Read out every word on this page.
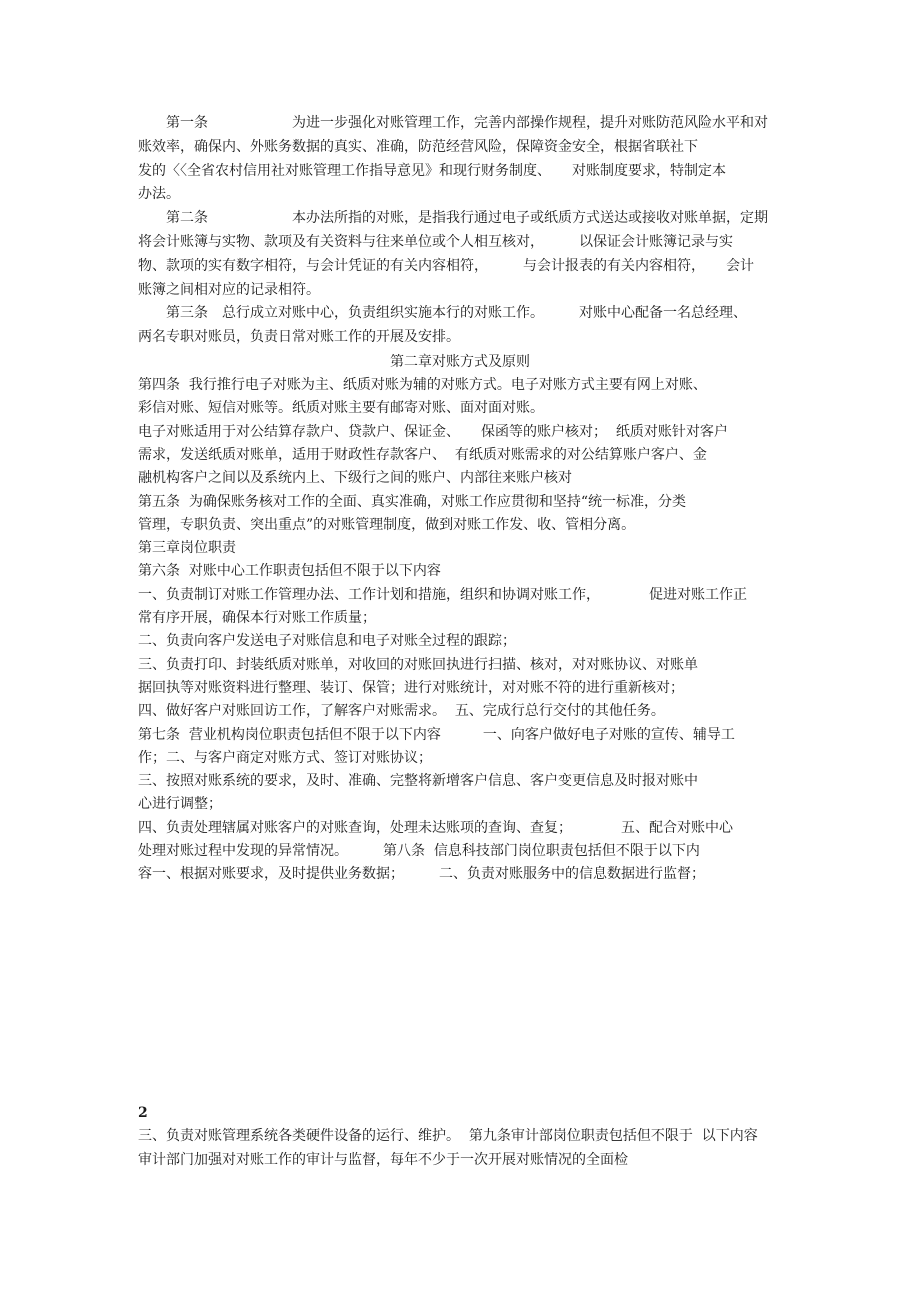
　　第一条　　　　　　为进一步强化对账管理工作，完善内部操作规程，提升对账防范风险水平和对
账效率，确保内、外账务数据的真实、准确，防范经营风险，保障资金安全，根据省联社下
发的〈〈全省农村信用社对账管理工作指导意见》和现行财务制度、　　对账制度要求，特制定本
办法。
　　第二条　　　　　　本办法所指的对账，是指我行通过电子或纸质方式送达或接收对账单据，定期
将会计账簿与实物、款项及有关资料与往来单位或个人相互核对，　　　以保证会计账簿记录与实
物、款项的实有数字相符，与会计凭证的有关内容相符，　　　与会计报表的有关内容相符，　　会计
账簿之间相对应的记录相符。
　　第三条　总行成立对账中心，负责组织实施本行的对账工作。　　　对账中心配备一名总经理、
两名专职对账员，负责日常对账工作的开展及安排。
第二章对账方式及原则
第四条  我行推行电子对账为主、纸质对账为辅的对账方式。电子对账方式主要有网上对账、
彩信对账、短信对账等。纸质对账主要有邮寄对账、面对面对账。
电子对账适用于对公结算存款户、贷款户、保证金、　　保函等的账户核对；  纸质对账针对客户
需求，发送纸质对账单，适用于财政性存款客户、  有纸质对账需求的对公结算账户客户、金
融机构客户之间以及系统内上、下级行之间的账户、内部往来账户核对
第五条  为确保账务核对工作的全面、真实准确，对账工作应贯彻和坚持“统一标准，分类
管理，专职负责、突出重点”的对账管理制度，做到对账工作发、收、管相分离。
第三章岗位职责
第六条  对账中心工作职责包括但不限于以下内容
一、负责制订对账工作管理办法、工作计划和措施，组织和协调对账工作，　　　　促进对账工作正
常有序开展，确保本行对账工作质量；
二、负责向客户发送电子对账信息和电子对账全过程的跟踪；
三、负责打印、封装纸质对账单，对收回的对账回执进行扫描、核对，对对账协议、对账单
据回执等对账资料进行整理、装订、保管；进行对账统计，对对账不符的进行重新核对；
四、做好客户对账回访工作，了解客户对账需求。  五、完成行总行交付的其他任务。
第七条  营业机构岗位职责包括但不限于以下内容　　　一、向客户做好电子对账的宣传、辅导工
作；二、与客户商定对账方式、签订对账协议；
三、按照对账系统的要求，及时、准确、完整将新增客户信息、客户变更信息及时报对账中
心进行调整；
四、负责处理辖属对账客户的对账查询，处理未达账项的查询、查复；　　　　五、配合对账中心
处理对账过程中发现的异常情况。　　　第八条  信息科技部门岗位职责包括但不限于以下内
容一、根据对账要求，及时提供业务数据；　　　二、负责对账服务中的信息数据进行监督；
2
三、负责对账管理系统各类硬件设备的运行、维护。  第九条审计部岗位职责包括但不限于  以下内容
审计部门加强对对账工作的审计与监督，每年不少于一次开展对账情况的全面检
